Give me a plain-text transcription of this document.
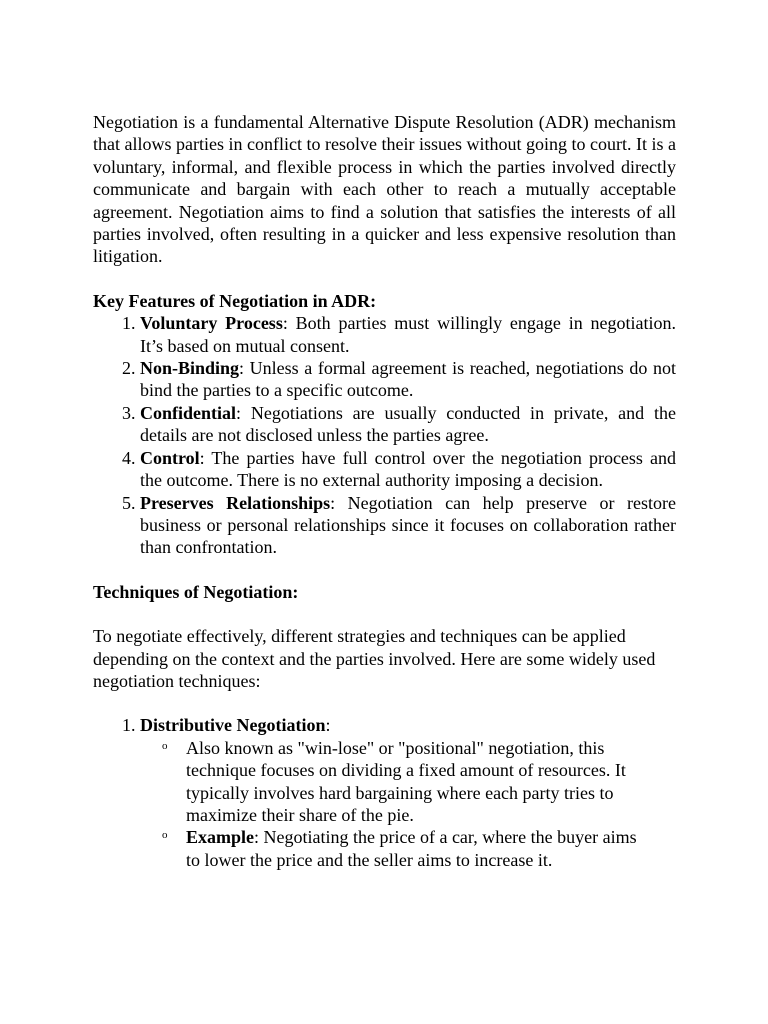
Negotiation is a fundamental Alternative Dispute Resolution (ADR) mechanism that allows parties in conflict to resolve their issues without going to court. It is a voluntary, informal, and flexible process in which the parties involved directly communicate and bargain with each other to reach a mutually acceptable agreement. Negotiation aims to find a solution that satisfies the interests of all parties involved, often resulting in a quicker and less expensive resolution than litigation.

Key Features of Negotiation in ADR:

1. Voluntary Process: Both parties must willingly engage in negotiation. It’s based on mutual consent.
2. Non-Binding: Unless a formal agreement is reached, negotiations do not bind the parties to a specific outcome.
3. Confidential: Negotiations are usually conducted in private, and the details are not disclosed unless the parties agree.
4. Control: The parties have full control over the negotiation process and the outcome. There is no external authority imposing a decision.
5. Preserves Relationships: Negotiation can help preserve or restore business or personal relationships since it focuses on collaboration rather than confrontation.

Techniques of Negotiation:

To negotiate effectively, different strategies and techniques can be applied depending on the context and the parties involved. Here are some widely used negotiation techniques:

1. Distributive Negotiation:
o Also known as "win-lose" or "positional" negotiation, this technique focuses on dividing a fixed amount of resources. It typically involves hard bargaining where each party tries to maximize their share of the pie.
o Example: Negotiating the price of a car, where the buyer aims to lower the price and the seller aims to increase it.
